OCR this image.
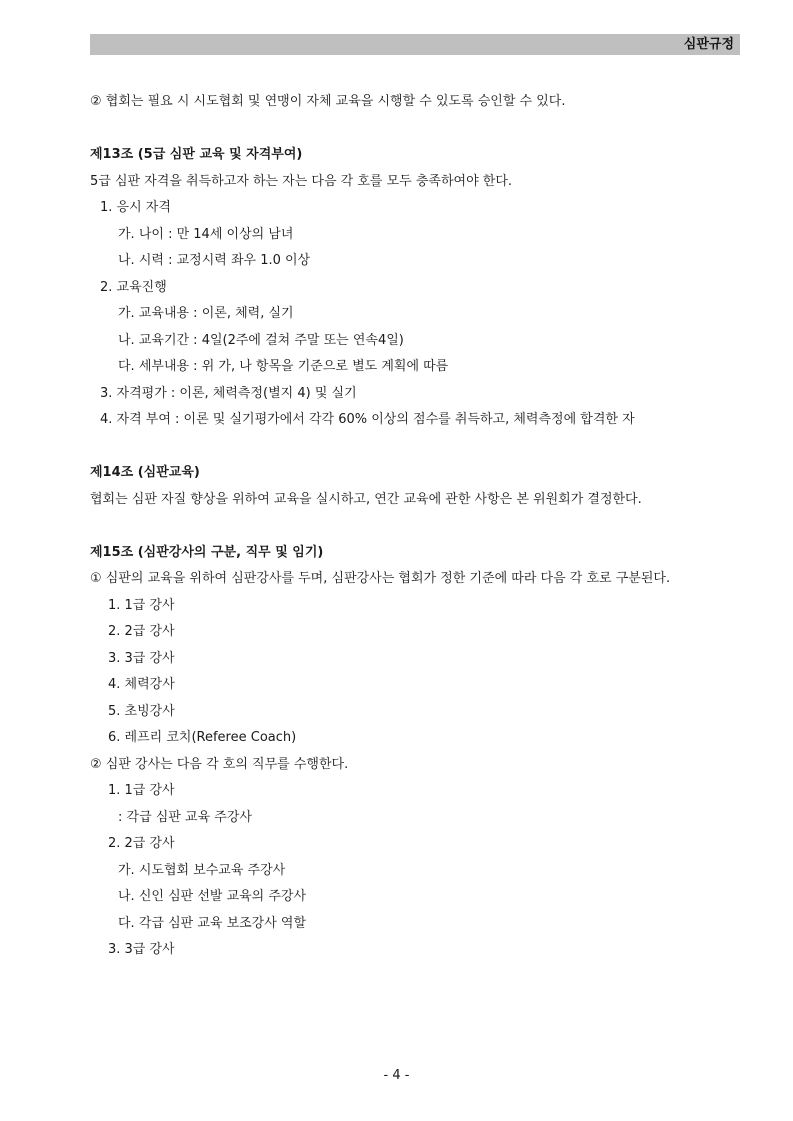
심판규정

② 협회는 필요 시 시도협회 및 연맹이 자체 교육을 시행할 수 있도록 승인할 수 있다.

제13조 (5급 심판 교육 및 자격부여)

5급 심판 자격을 취득하고자 하는 자는 다음 각 호를 모두 충족하여야 한다.

1. 응시 자격

가. 나이 : 만 14세 이상의 남녀

나. 시력 : 교정시력 좌우 1.0 이상

2. 교육진행

가. 교육내용 : 이론, 체력, 실기

나. 교육기간 : 4일(2주에 걸쳐 주말 또는 연속4일)

다. 세부내용 : 위 가, 나 항목을 기준으로 별도 계획에 따름

3. 자격평가 : 이론, 체력측정(별지 4) 및 실기

4. 자격 부여 : 이론 및 실기평가에서 각각 60% 이상의 점수를 취득하고, 체력측정에 합격한 자

제14조 (심판교육)

협회는 심판 자질 향상을 위하여 교육을 실시하고, 연간 교육에 관한 사항은 본 위원회가 결정한다.

제15조 (심판강사의 구분, 직무 및 임기)

① 심판의 교육을 위하여 심판강사를 두며, 심판강사는 협회가 정한 기준에 따라 다음 각 호로 구분된다.

1. 1급 강사

2. 2급 강사

3. 3급 강사

4. 체력강사

5. 초빙강사

6. 레프리 코치(Referee Coach)

② 심판 강사는 다음 각 호의 직무를 수행한다.

1. 1급 강사

: 각급 심판 교육 주강사

2. 2급 강사

가. 시도협회 보수교육 주강사

나. 신인 심판 선발 교육의 주강사

다. 각급 심판 교육 보조강사 역할

3. 3급 강사

- 4 -
